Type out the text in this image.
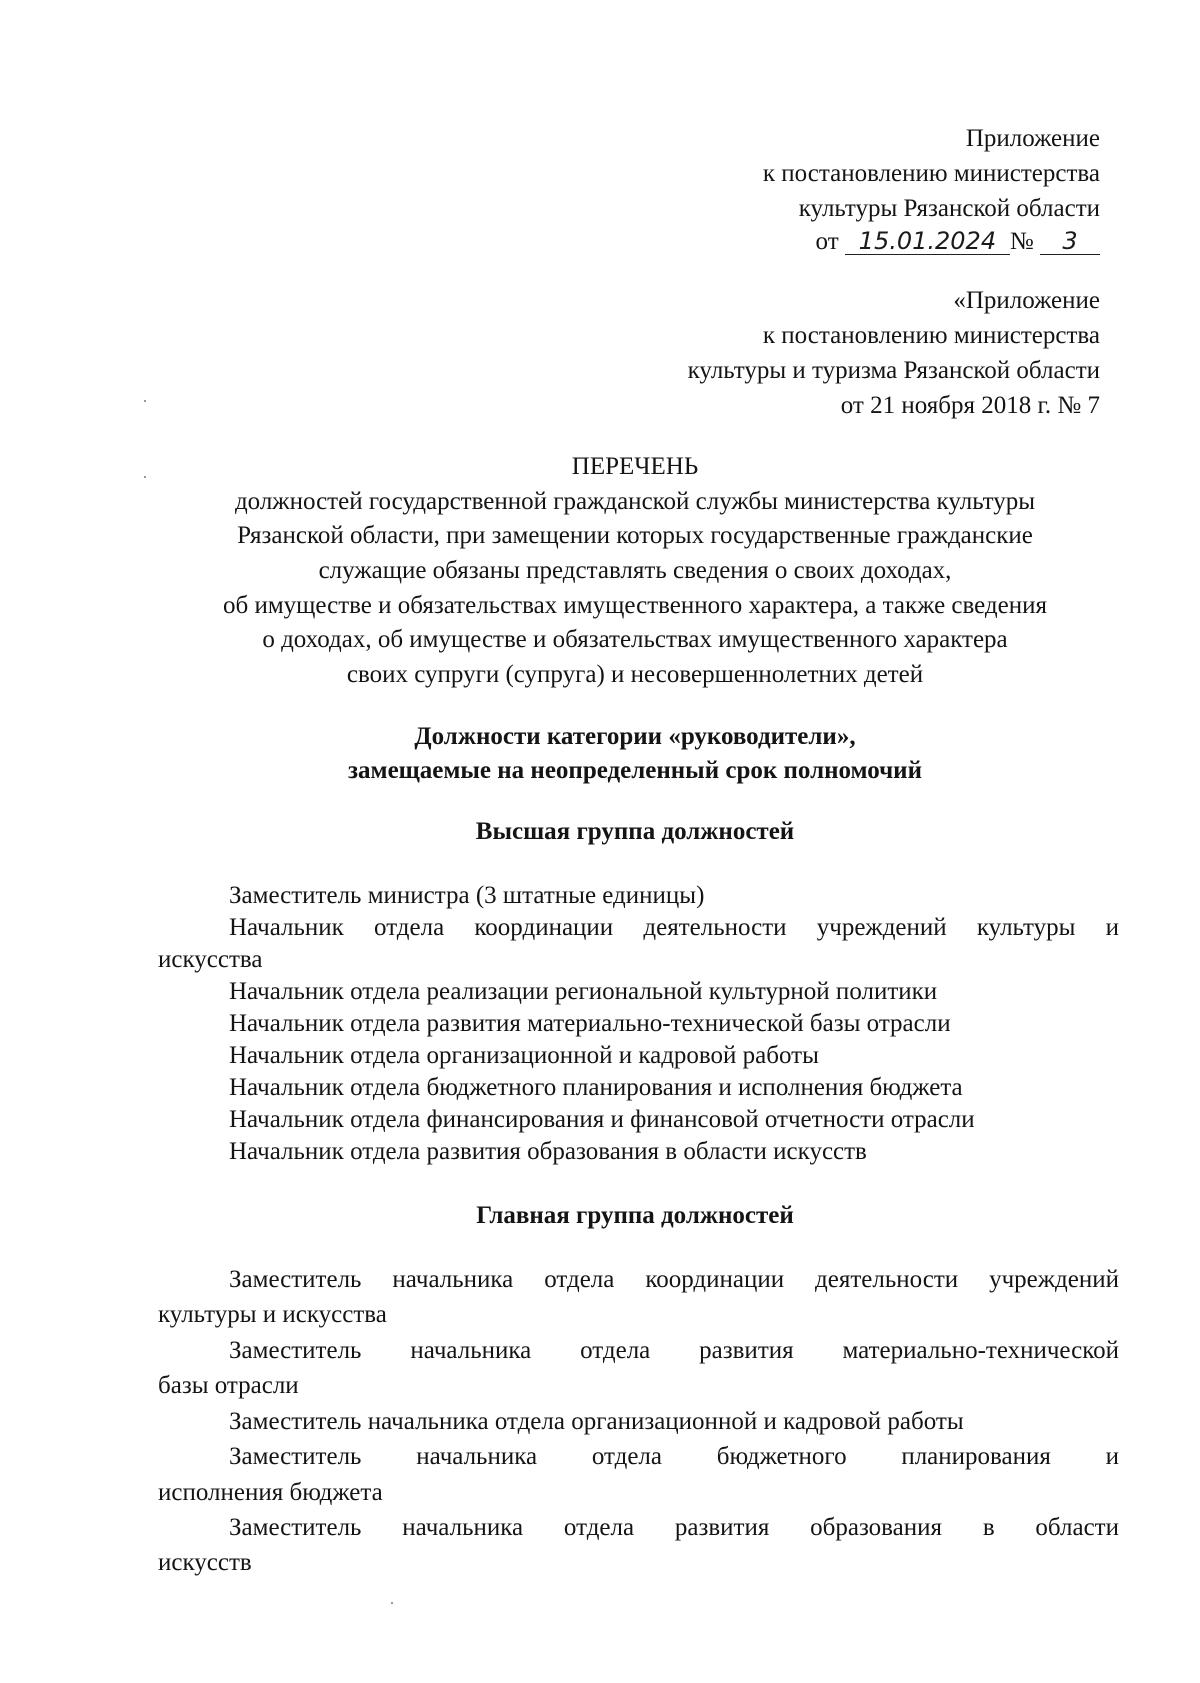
Приложение
к постановлению министерства
культуры Рязанской области
от 15.01.2024 № 3
«Приложение
к постановлению министерства
культуры и туризма Рязанской области
от 21 ноября 2018 г. № 7
ПЕРЕЧЕНЬ
должностей государственной гражданской службы министерства культуры
Рязанской области, при замещении которых государственные гражданские
служащие обязаны представлять сведения о своих доходах,
об имуществе и обязательствах имущественного характера, а также сведения
о доходах, об имуществе и обязательствах имущественного характера
своих супруги (супруга) и несовершеннолетних детей
Должности категории «руководители»,
замещаемые на неопределенный срок полномочий
Высшая группа должностей
Заместитель министра (3 штатные единицы)
Начальник отдела координации деятельности учреждений культуры и
искусства
Начальник отдела реализации региональной культурной политики
Начальник отдела развития материально-технической базы отрасли
Начальник отдела организационной и кадровой работы
Начальник отдела бюджетного планирования и исполнения бюджета
Начальник отдела финансирования и финансовой отчетности отрасли
Начальник отдела развития образования в области искусств
Главная группа должностей
Заместитель начальника отдела координации деятельности учреждений
культуры и искусства
Заместитель начальника отдела развития материально-технической
базы отрасли
Заместитель начальника отдела организационной и кадровой работы
Заместитель начальника отдела бюджетного планирования и
исполнения бюджета
Заместитель начальника отдела развития образования в области
искусств
